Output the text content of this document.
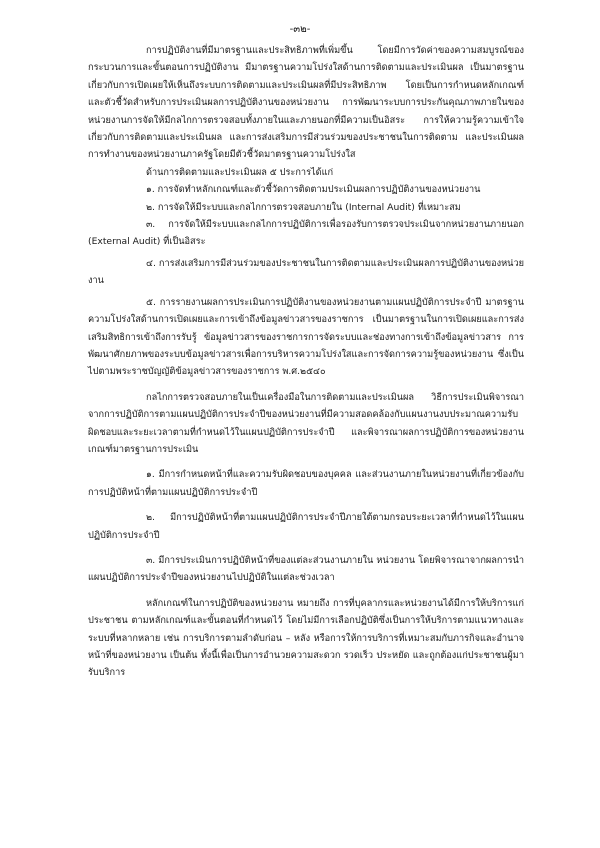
-๓๒-

การปฏิบัติงานที่มีมาตรฐานและประสิทธิภาพที่เพิ่มขึ้น โดยมีการวัดค่าของความสมบูรณ์ของกระบวนการและขั้นตอนการปฏิบัติงาน มีมาตรฐานความโปร่งใสด้านการติดตามและประเมินผล เป็นมาตรฐานเกี่ยวกับการเปิดเผยให้เห็นถึงระบบการติดตามและประเมินผลที่มีประสิทธิภาพ โดยเป็นการกำหนดหลักเกณฑ์และตัวชี้วัดสำหรับการประเมินผลการปฏิบัติงานของหน่วยงาน การพัฒนาระบบการประกันคุณภาพภายในของหน่วยงานการจัดให้มีกลไกการตรวจสอบทั้งภายในและภายนอกที่มีความเป็นอิสระ การให้ความรู้ความเข้าใจเกี่ยวกับการติดตามและประเมินผล และการส่งเสริมการมีส่วนร่วมของประชาชนในการติดตาม และประเมินผลการทำงานของหน่วยงานภาครัฐโดยมีตัวชี้วัดมาตรฐานความโปร่งใส

ด้านการติดตามและประเมินผล ๕ ประการได้แก่

๑. การจัดทำหลักเกณฑ์และตัวชี้วัดการติดตามประเมินผลการปฏิบัติงานของหน่วยงาน

๒. การจัดให้มีระบบและกลไกการตรวจสอบภายใน (Internal Audit) ที่เหมาะสม

๓. การจัดให้มีระบบและกลไกการปฏิบัติการเพื่อรองรับการตรวจประเมินจากหน่วยงานภายนอก (External Audit) ที่เป็นอิสระ

๔. การส่งเสริมการมีส่วนร่วมของประชาชนในการติดตามและประเมินผลการปฏิบัติงานของหน่วยงาน

๕. การรายงานผลการประเมินการปฏิบัติงานของหน่วยงานตามแผนปฏิบัติการประจำปี มาตรฐานความโปร่งใสด้านการเปิดเผยและการเข้าถึงข้อมูลข่าวสารของราชการ เป็นมาตรฐานในการเปิดเผยและการส่งเสริมสิทธิการเข้าถึงการรับรู้ ข้อมูลข่าวสารของราชการการจัดระบบและช่องทางการเข้าถึงข้อมูลข่าวสาร การพัฒนาศักยภาพของระบบข้อมูลข่าวสารเพื่อการบริหารความโปร่งใสและการจัดการความรู้ของหน่วยงาน ซึ่งเป็นไปตามพระราชบัญญัติข้อมูลข่าวสารของราชการ พ.ศ.๒๕๔๐

กลไกการตรวจสอบภายในเป็นเครื่องมือในการติดตามและประเมินผล วิธีการประเมินพิจารณาจากการปฏิบัติการตามแผนปฏิบัติการประจำปีของหน่วยงานที่มีความสอดคล้องกับแผนงานงบประมาณความรับผิดชอบและระยะเวลาตามที่กำหนดไว้ในแผนปฏิบัติการประจำปี และพิจารณาผลการปฏิบัติการของหน่วยงานเกณฑ์มาตรฐานการประเมิน

๑. มีการกำหนดหน้าที่และความรับผิดชอบของบุคคล และส่วนงานภายในหน่วยงานที่เกี่ยวข้องกับการปฏิบัติหน้าที่ตามแผนปฏิบัติการประจำปี

๒. มีการปฏิบัติหน้าที่ตามแผนปฏิบัติการประจำปีภายใต้ตามกรอบระยะเวลาที่กำหนดไว้ในแผนปฏิบัติการประจำปี

๓. มีการประเมินการปฏิบัติหน้าที่ของแต่ละส่วนงานภายใน หน่วยงาน โดยพิจารณาจากผลการนำแผนปฏิบัติการประจำปีของหน่วยงานไปปฏิบัติในแต่ละช่วงเวลา

หลักเกณฑ์ในการปฏิบัติของหน่วยงาน หมายถึง การที่บุคลากรและหน่วยงานได้มีการให้บริการแก่ประชาชน ตามหลักเกณฑ์และขั้นตอนที่กำหนดไว้ โดยไม่มีการเลือกปฏิบัติซึ่งเป็นการให้บริการตามแนวทางและระบบที่หลากหลาย เช่น การบริการตามลำดับก่อน – หลัง หรือการให้การบริการที่เหมาะสมกับภารกิจและอำนาจหน้าที่ของหน่วยงาน เป็นต้น ทั้งนี้เพื่อเป็นการอำนวยความสะดวก รวดเร็ว ประหยัด และถูกต้องแก่ประชาชนผู้มารับบริการ
